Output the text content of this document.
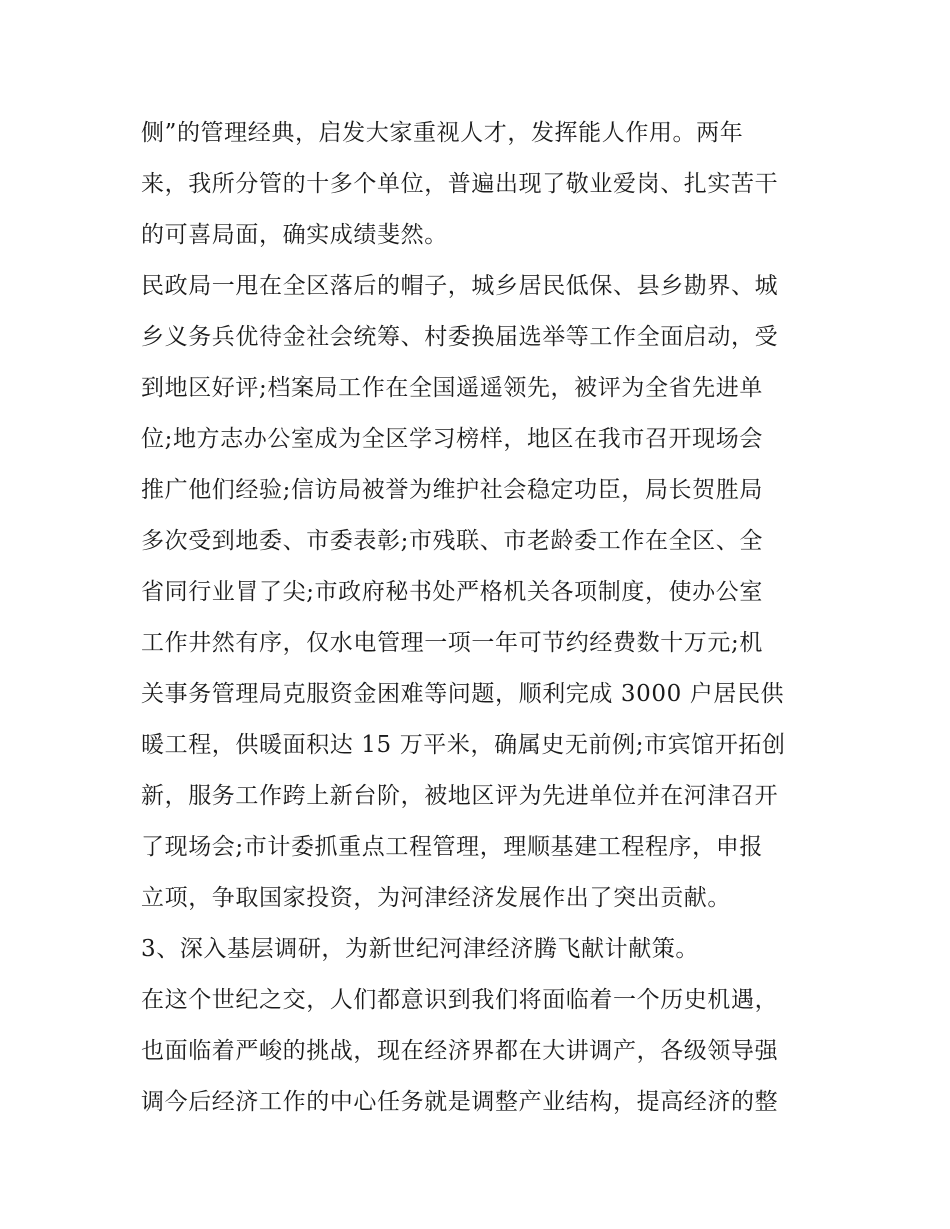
侧”的管理经典，启发大家重视人才，发挥能人作用。两年
来，我所分管的十多个单位，普遍出现了敬业爱岗、扎实苦干
的可喜局面，确实成绩斐然。
民政局一甩在全区落后的帽子，城乡居民低保、县乡勘界、城
乡义务兵优待金社会统筹、村委换届选举等工作全面启动，受
到地区好评;档案局工作在全国遥遥领先，被评为全省先进单
位;地方志办公室成为全区学习榜样，地区在我市召开现场会
推广他们经验;信访局被誉为维护社会稳定功臣，局长贺胜局
多次受到地委、市委表彰;市残联、市老龄委工作在全区、全
省同行业冒了尖;市政府秘书处严格机关各项制度，使办公室
工作井然有序，仅水电管理一项一年可节约经费数十万元;机
关事务管理局克服资金困难等问题，顺利完成 3000 户居民供
暖工程，供暖面积达 15 万平米，确属史无前例;市宾馆开拓创
新，服务工作跨上新台阶，被地区评为先进单位并在河津召开
了现场会;市计委抓重点工程管理，理顺基建工程程序，申报
立项，争取国家投资，为河津经济发展作出了突出贡献。
3、深入基层调研，为新世纪河津经济腾飞献计献策。
在这个世纪之交，人们都意识到我们将面临着一个历史机遇，
也面临着严峻的挑战，现在经济界都在大讲调产，各级领导强
调今后经济工作的中心任务就是调整产业结构，提高经济的整
